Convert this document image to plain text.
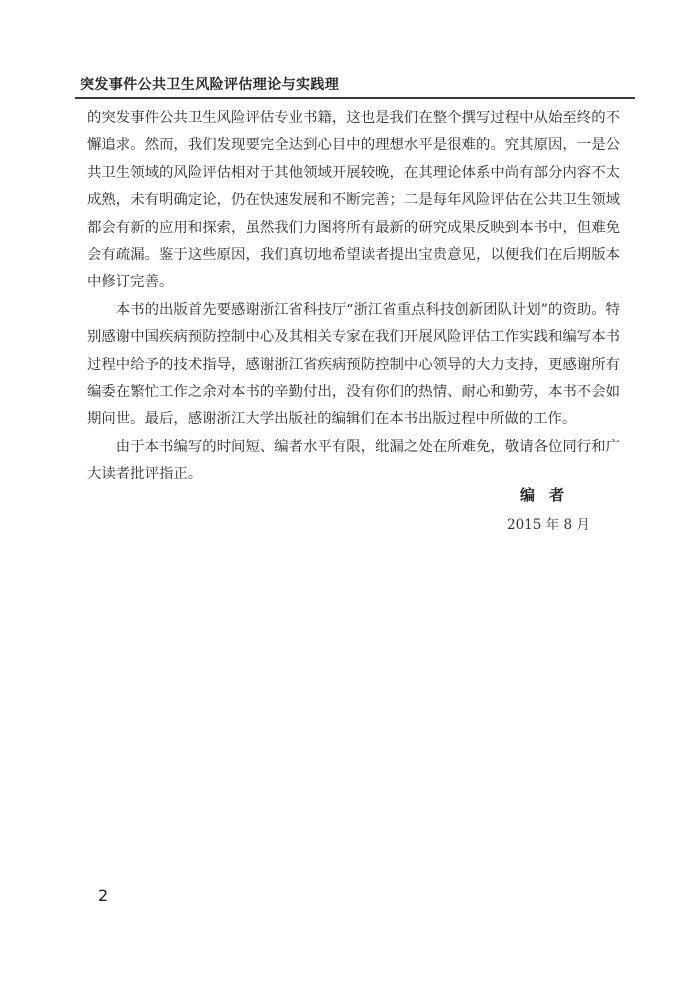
突发事件公共卫生风险评估理论与实践理

的突发事件公共卫生风险评估专业书籍，这也是我们在整个撰写过程中从始至终的不懈追求。然而，我们发现要完全达到心目中的理想水平是很难的。究其原因，一是公共卫生领域的风险评估相对于其他领域开展较晚，在其理论体系中尚有部分内容不太成熟，未有明确定论，仍在快速发展和不断完善；二是每年风险评估在公共卫生领域都会有新的应用和探索，虽然我们力图将所有最新的研究成果反映到本书中，但难免会有疏漏。鉴于这些原因，我们真切地希望读者提出宝贵意见，以便我们在后期版本中修订完善。

本书的出版首先要感谢浙江省科技厅“浙江省重点科技创新团队计划”的资助。特别感谢中国疾病预防控制中心及其相关专家在我们开展风险评估工作实践和编写本书过程中给予的技术指导，感谢浙江省疾病预防控制中心领导的大力支持，更感谢所有编委在繁忙工作之余对本书的辛勤付出，没有你们的热情、耐心和勤劳，本书不会如期问世。最后，感谢浙江大学出版社的编辑们在本书出版过程中所做的工作。

由于本书编写的时间短、编者水平有限，纰漏之处在所难免，敬请各位同行和广大读者批评指正。

编者
2015 年 8 月
2
